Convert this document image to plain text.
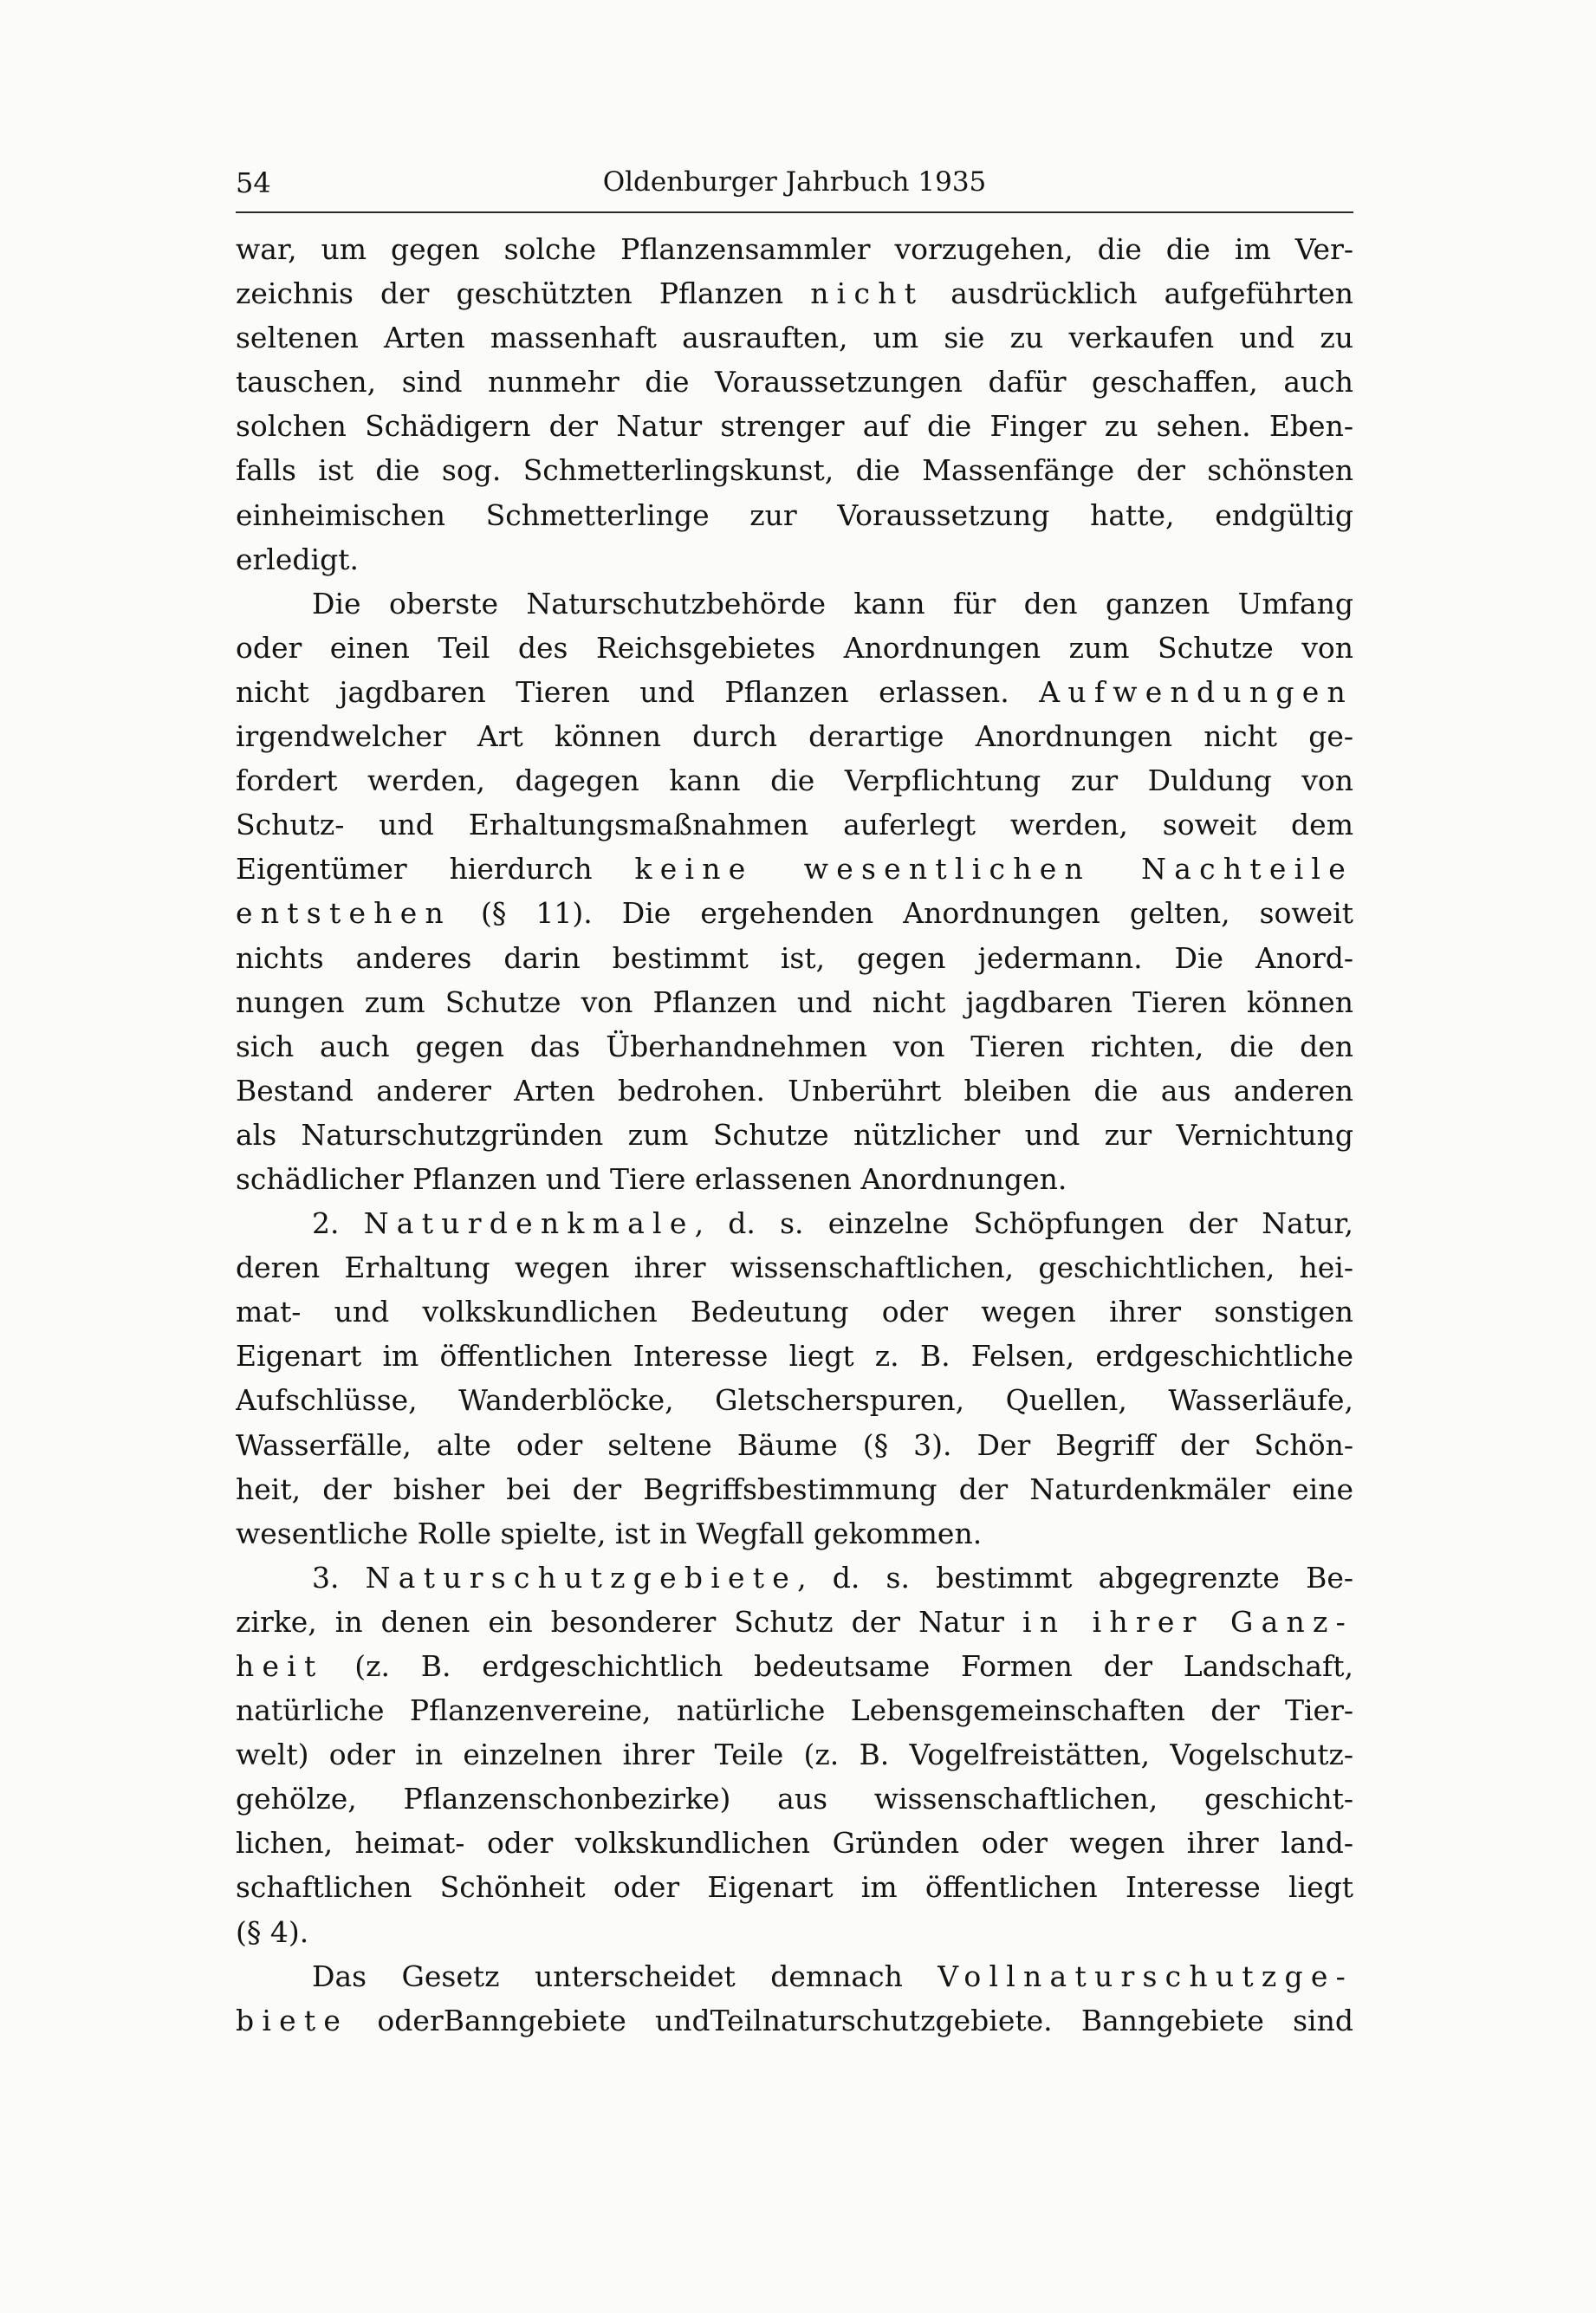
54	Oldenburger Jahrbuch 1935
war, um gegen solche Pflanzensammler vorzugehen, die die im Ver-
zeichnis der geschützten Pflanzen nicht ausdrücklich aufgeführten
seltenen Arten massenhaft ausrauften, um sie zu verkaufen und zu
tauschen, sind nunmehr die Voraussetzungen dafür geschaffen, auch
solchen Schädigern der Natur strenger auf die Finger zu sehen. Eben-
falls ist die sog. Schmetterlingskunst, die Massenfänge der schönsten
einheimischen Schmetterlinge zur Voraussetzung hatte, endgültig
erledigt.
Die oberste Naturschutzbehörde kann für den ganzen Umfang
oder einen Teil des Reichsgebietes Anordnungen zum Schutze von
nicht jagdbaren Tieren und Pflanzen erlassen. Aufwendungen
irgendwelcher Art können durch derartige Anordnungen nicht ge-
fordert werden, dagegen kann die Verpflichtung zur Duldung von
Schutz- und Erhaltungsmaßnahmen auferlegt werden, soweit dem
Eigentümer hierdurch keine wesentlichen Nachteile
entstehen (§ 11). Die ergehenden Anordnungen gelten, soweit
nichts anderes darin bestimmt ist, gegen jedermann. Die Anord-
nungen zum Schutze von Pflanzen und nicht jagdbaren Tieren können
sich auch gegen das Überhandnehmen von Tieren richten, die den
Bestand anderer Arten bedrohen. Unberührt bleiben die aus anderen
als Naturschutzgründen zum Schutze nützlicher und zur Vernichtung
schädlicher Pflanzen und Tiere erlassenen Anordnungen.
2. Naturdenkmale, d. s. einzelne Schöpfungen der Natur,
deren Erhaltung wegen ihrer wissenschaftlichen, geschichtlichen, hei-
mat- und volkskundlichen Bedeutung oder wegen ihrer sonstigen
Eigenart im öffentlichen Interesse liegt z. B. Felsen, erdgeschichtliche
Aufschlüsse, Wanderblöcke, Gletscherspuren, Quellen, Wasserläufe,
Wasserfälle, alte oder seltene Bäume (§ 3). Der Begriff der Schön-
heit, der bisher bei der Begriffsbestimmung der Naturdenkmäler eine
wesentliche Rolle spielte, ist in Wegfall gekommen.
3. Naturschutzgebiete, d. s. bestimmt abgegrenzte Be-
zirke, in denen ein besonderer Schutz der Natur in ihrer Ganz-
heit (z. B. erdgeschichtlich bedeutsame Formen der Landschaft,
natürliche Pflanzenvereine, natürliche Lebensgemeinschaften der Tier-
welt) oder in einzelnen ihrer Teile (z. B. Vogelfreistätten, Vogelschutz-
gehölze, Pflanzenschonbezirke) aus wissenschaftlichen, geschicht-
lichen, heimat- oder volkskundlichen Gründen oder wegen ihrer land-
schaftlichen Schönheit oder Eigenart im öffentlichen Interesse liegt
(§ 4).
Das Gesetz unterscheidet demnach Vollnaturschutzge-
biete oderBanngebiete undTeilnaturschutzgebiete. Banngebiete sind
